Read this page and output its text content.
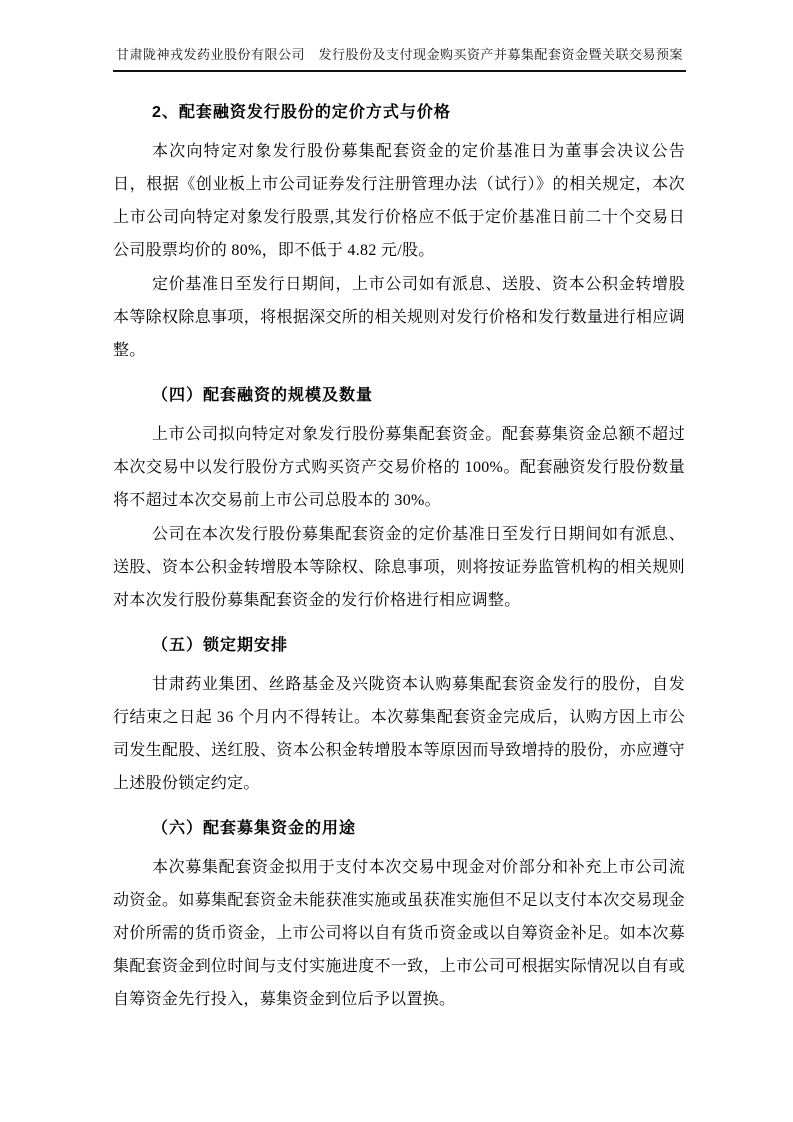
甘肃陇神戎发药业股份有限公司　发行股份及支付现金购买资产并募集配套资金暨关联交易预案
2、配套融资发行股份的定价方式与价格

本次向特定对象发行股份募集配套资金的定价基准日为董事会决议公告日，根据《创业板上市公司证券发行注册管理办法（试行）》的相关规定，本次上市公司向特定对象发行股票,其发行价格应不低于定价基准日前二十个交易日公司股票均价的 80%，即不低于 4.82 元/股。

定价基准日至发行日期间，上市公司如有派息、送股、资本公积金转增股本等除权除息事项，将根据深交所的相关规则对发行价格和发行数量进行相应调整。

（四）配套融资的规模及数量

上市公司拟向特定对象发行股份募集配套资金。配套募集资金总额不超过本次交易中以发行股份方式购买资产交易价格的 100%。配套融资发行股份数量将不超过本次交易前上市公司总股本的 30%。

公司在本次发行股份募集配套资金的定价基准日至发行日期间如有派息、送股、资本公积金转增股本等除权、除息事项，则将按证券监管机构的相关规则对本次发行股份募集配套资金的发行价格进行相应调整。

（五）锁定期安排

甘肃药业集团、丝路基金及兴陇资本认购募集配套资金发行的股份，自发行结束之日起 36 个月内不得转让。本次募集配套资金完成后，认购方因上市公司发生配股、送红股、资本公积金转增股本等原因而导致增持的股份，亦应遵守上述股份锁定约定。

（六）配套募集资金的用途

本次募集配套资金拟用于支付本次交易中现金对价部分和补充上市公司流动资金。如募集配套资金未能获准实施或虽获准实施但不足以支付本次交易现金对价所需的货币资金，上市公司将以自有货币资金或以自筹资金补足。如本次募集配套资金到位时间与支付实施进度不一致，上市公司可根据实际情况以自有或自筹资金先行投入，募集资金到位后予以置换。
